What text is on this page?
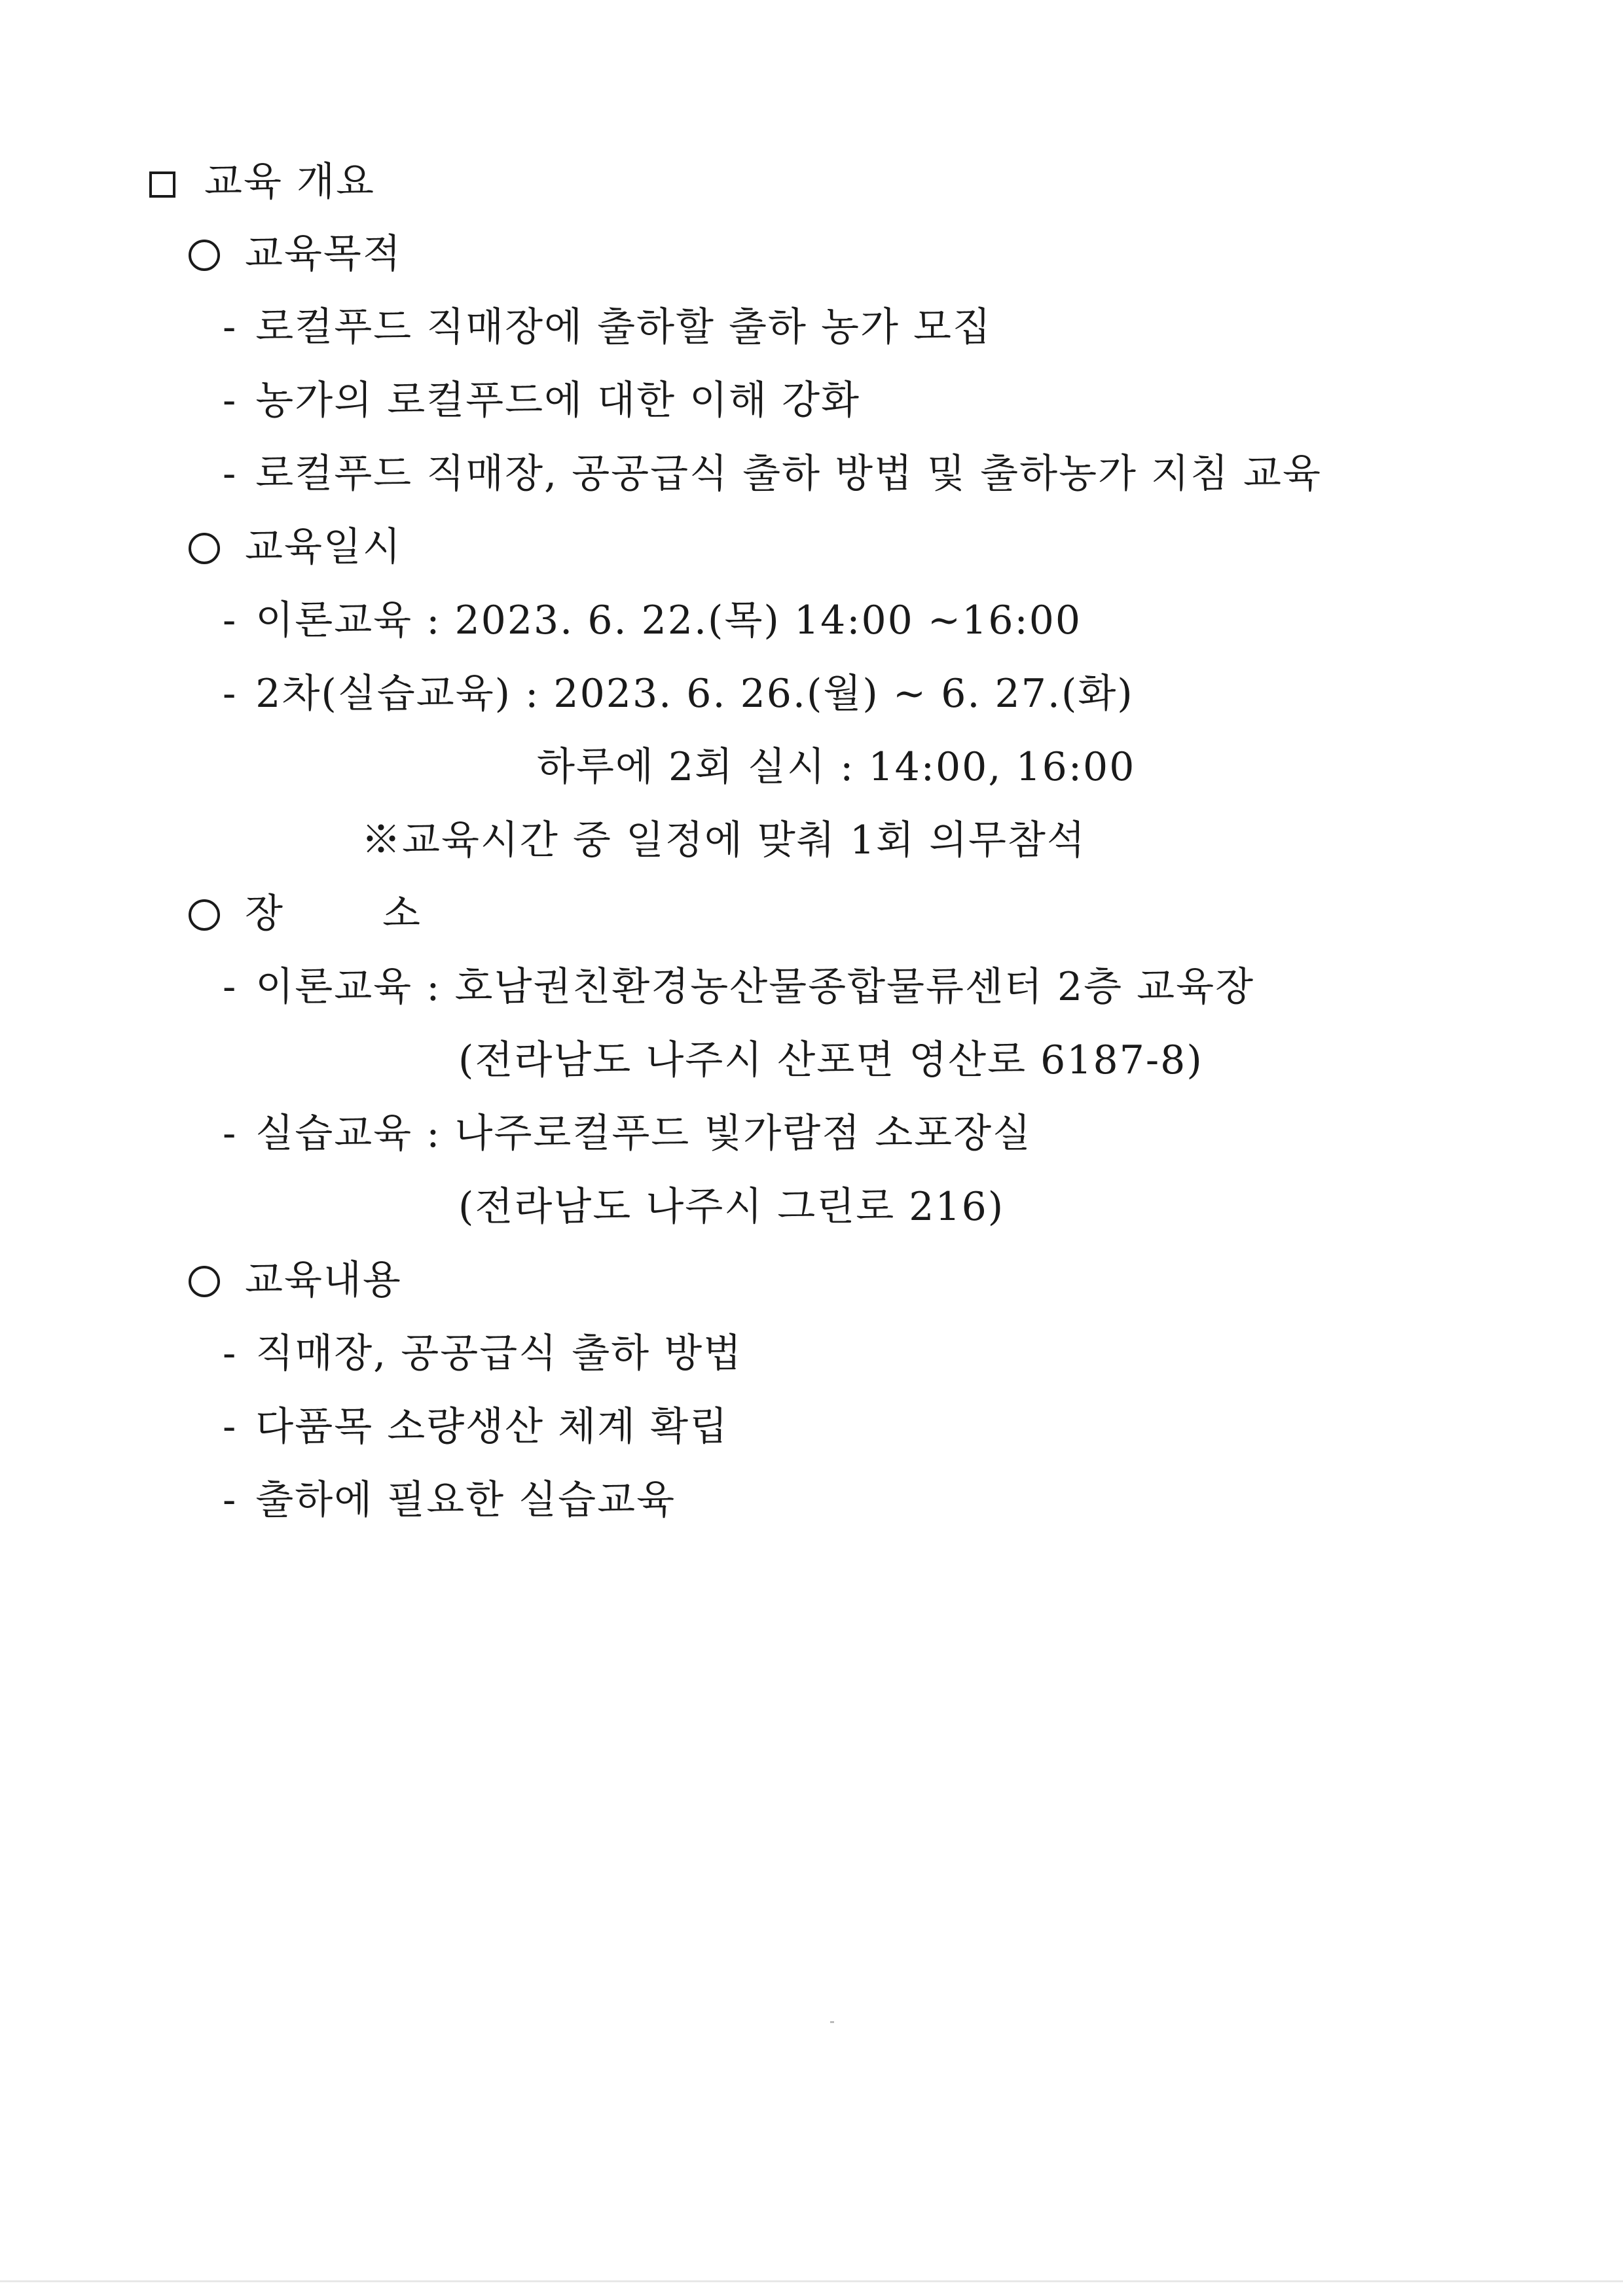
교육 개요
교육목적
- 로컬푸드 직매장에 출하할 출하 농가 모집
- 농가의 로컬푸드에 대한 이해 강화
- 로컬푸드 직매장, 공공급식 출하 방법 및 출하농가 지침 교육
교육일시
- 이론교육 : 2023. 6. 22.(목) 14:00 ~16:00
- 2차(실습교육) : 2023. 6. 26.(월) ~ 6. 27.(화)
하루에 2회 실시 : 14:00, 16:00
※교육시간 중 일정에 맞춰 1회 의무참석
장	소
- 이론교육 : 호남권친환경농산물종합물류센터 2층 교육장
(전라남도 나주시 산포면 영산로 6187-8)
- 실습교육 : 나주로컬푸드 빛가람점 소포장실
(전라남도 나주시 그린로 216)
교육내용
- 직매장, 공공급식 출하 방법
- 다품목 소량생산 체계 확립
- 출하에 필요한 실습교육
